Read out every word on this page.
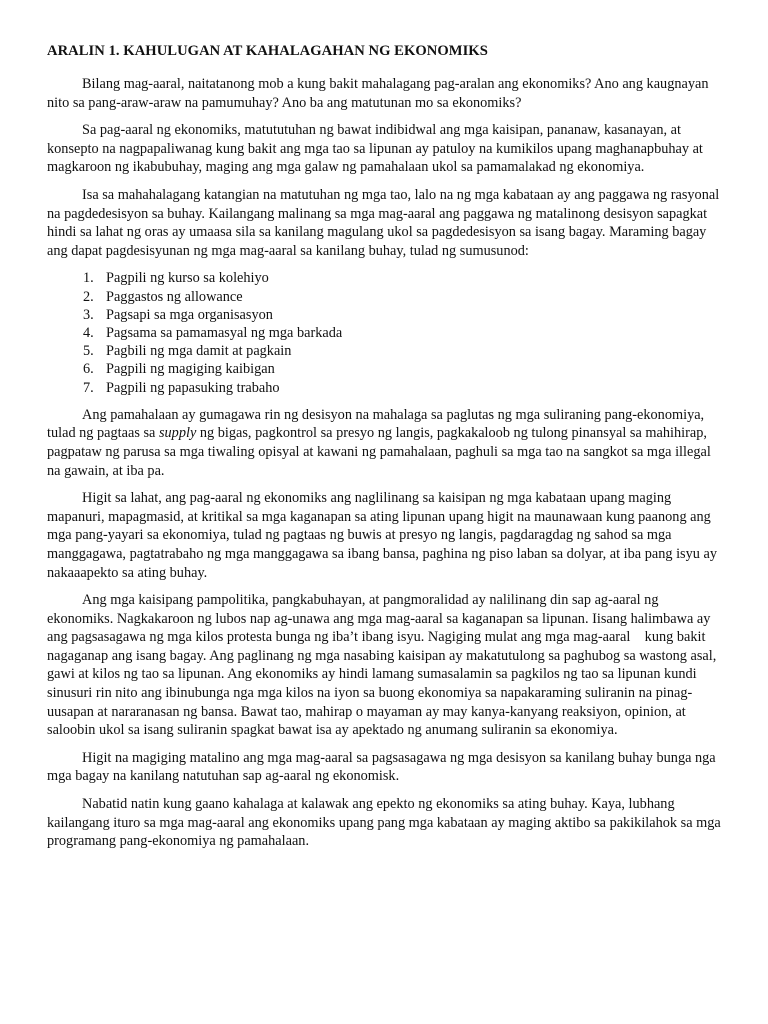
ARALIN 1. KAHULUGAN AT KAHALAGAHAN NG EKONOMIKS

Bilang mag-aaral, naitatanong mob a kung bakit mahalagang pag-aralan ang ekonomiks? Ano ang kaugnayan nito sa pang-araw-araw na pamumuhay? Ano ba ang matutunan mo sa ekonomiks?

Sa pag-aaral ng ekonomiks, matututuhan ng bawat indibidwal ang mga kaisipan, pananaw, kasanayan, at konsepto na nagpapaliwanag kung bakit ang mga tao sa lipunan ay patuloy na kumikilos upang maghanapbuhay at magkaroon ng ikabubuhay, maging ang mga galaw ng pamahalaan ukol sa pamamalakad ng ekonomiya.

Isa sa mahahalagang katangian na matutuhan ng mga tao, lalo na ng mga kabataan ay ang paggawa ng rasyonal na pagdedesisyon sa buhay. Kailangang malinang sa mga mag-aaral ang paggawa ng matalinong desisyon sapagkat hindi sa lahat ng oras ay umaasa sila sa kanilang magulang ukol sa pagdedesisyon sa isang bagay. Maraming bagay ang dapat pagdesisyunan ng mga mag-aaral sa kanilang buhay, tulad ng sumusunod:

1. Pagpili ng kurso sa kolehiyo
2. Paggastos ng allowance
3. Pagsapi sa mga organisasyon
4. Pagsama sa pamamasyal ng mga barkada
5. Pagbili ng mga damit at pagkain
6. Pagpili ng magiging kaibigan
7. Pagpili ng papasuking trabaho

Ang pamahalaan ay gumagawa rin ng desisyon na mahalaga sa paglutas ng mga suliraning pang-ekonomiya, tulad ng pagtaas sa supply ng bigas, pagkontrol sa presyo ng langis, pagkakaloob ng tulong pinansyal sa mahihirap, pagpataw ng parusa sa mga tiwaling opisyal at kawani ng pamahalaan, paghuli sa mga tao na sangkot sa mga illegal na gawain, at iba pa.

Higit sa lahat, ang pag-aaral ng ekonomiks ang naglilinang sa kaisipan ng mga kabataan upang maging mapanuri, mapagmasid, at kritikal sa mga kaganapan sa ating lipunan upang higit na maunawaan kung paanong ang mga pang-yayari sa ekonomiya, tulad ng pagtaas ng buwis at presyo ng langis, pagdaragdag ng sahod sa mga manggagawa, pagtatrabaho ng mga manggagawa sa ibang bansa, paghina ng piso laban sa dolyar, at iba pang isyu ay nakaaapekto sa ating buhay.

Ang mga kaisipang pampolitika, pangkabuhayan, at pangmoralidad ay nalilinang din sap ag-aaral ng ekonomiks. Nagkakaroon ng lubos nap ag-unawa ang mga mag-aaral sa kaganapan sa lipunan. Iisang halimbawa ay ang pagsasagawa ng mga kilos protesta bunga ng iba’t ibang isyu. Nagiging mulat ang mga mag-aaral    kung bakit nagaganap ang isang bagay. Ang paglinang ng mga nasabing kaisipan ay makatutulong sa paghubog sa wastong asal, gawi at kilos ng tao sa lipunan. Ang ekonomiks ay hindi lamang sumasalamin sa pagkilos ng tao sa lipunan kundi sinusuri rin nito ang ibinubunga nga mga kilos na iyon sa buong ekonomiya sa napakaraming suliranin na pinag-uusapan at nararanasan ng bansa. Bawat tao, mahirap o mayaman ay may kanya-kanyang reaksiyon, opinion, at saloobin ukol sa isang suliranin spagkat bawat isa ay apektado ng anumang suliranin sa ekonomiya.

Higit na magiging matalino ang mga mag-aaral sa pagsasagawa ng mga desisyon sa kanilang buhay bunga nga mga bagay na kanilang natutuhan sap ag-aaral ng ekonomisk.

Nabatid natin kung gaano kahalaga at kalawak ang epekto ng ekonomiks sa ating buhay. Kaya, lubhang kailangang ituro sa mga mag-aaral ang ekonomiks upang pang mga kabataan ay maging aktibo sa pakikilahok sa mga programang pang-ekonomiya ng pamahalaan.
